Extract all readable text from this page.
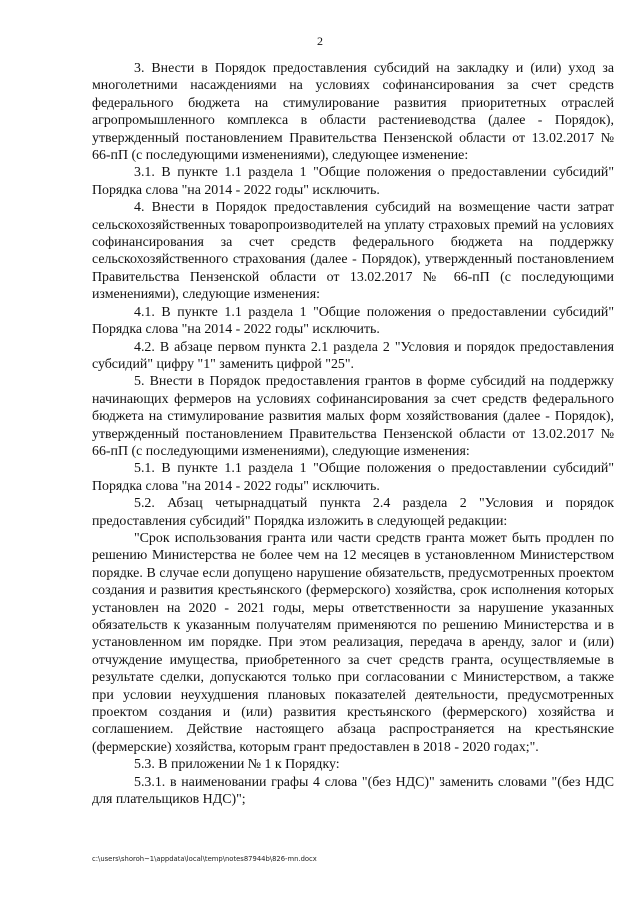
2

3. Внести в Порядок предоставления субсидий на закладку и (или) уход за многолетними насаждениями на условиях софинансирования за счет средств федерального бюджета на стимулирование развития приоритетных отраслей агропромышленного комплекса в области растениеводства (далее - Порядок), утвержденный постановлением Правительства Пензенской области от 13.02.2017 № 66-пП (с последующими изменениями), следующее изменение:

3.1. В пункте 1.1 раздела 1 "Общие положения о предоставлении субсидий" Порядка слова "на 2014 - 2022 годы" исключить.

4. Внести в Порядок предоставления субсидий на возмещение части затрат сельскохозяйственных товаропроизводителей на уплату страховых премий на условиях софинансирования за счет средств федерального бюджета на поддержку сельскохозяйственного страхования (далее - Порядок), утвержденный постановлением Правительства Пензенской области от 13.02.2017 № 66-пП (с последующими изменениями), следующие изменения:

4.1. В пункте 1.1 раздела 1 "Общие положения о предоставлении субсидий" Порядка слова "на 2014 - 2022 годы" исключить.

4.2. В абзаце первом пункта 2.1 раздела 2 "Условия и порядок предоставления субсидий" цифру "1" заменить цифрой "25".

5. Внести в Порядок предоставления грантов в форме субсидий на поддержку начинающих фермеров на условиях софинансирования за счет средств федерального бюджета на стимулирование развития малых форм хозяйствования (далее - Порядок), утвержденный постановлением Правительства Пензенской области от 13.02.2017 № 66-пП (с последующими изменениями), следующие изменения:

5.1. В пункте 1.1 раздела 1 "Общие положения о предоставлении субсидий" Порядка слова "на 2014 - 2022 годы" исключить.

5.2. Абзац четырнадцатый пункта 2.4 раздела 2 "Условия и порядок предоставления субсидий" Порядка изложить в следующей редакции:

"Срок использования гранта или части средств гранта может быть продлен по решению Министерства не более чем на 12 месяцев в установленном Министерством порядке. В случае если допущено нарушение обязательств, предусмотренных проектом создания и развития крестьянского (фермерского) хозяйства, срок исполнения которых установлен на 2020 - 2021 годы, меры ответственности за нарушение указанных обязательств к указанным получателям применяются по решению Министерства и в установленном им порядке. При этом реализация, передача в аренду, залог и (или) отчуждение имущества, приобретенного за счет средств гранта, осуществляемые в результате сделки, допускаются только при согласовании с Министерством, а также при условии неухудшения плановых показателей деятельности, предусмотренных проектом создания и (или) развития крестьянского (фермерского) хозяйства и соглашением. Действие настоящего абзаца распространяется на крестьянские (фермерские) хозяйства, которым грант предоставлен в 2018 - 2020 годах;".

5.3. В приложении № 1 к Порядку:

5.3.1. в наименовании графы 4 слова "(без НДС)" заменить словами "(без НДС для плательщиков НДС)";

c:\users\shoroh~1\appdata\local\temp\notes87944b\826-mn.docx
